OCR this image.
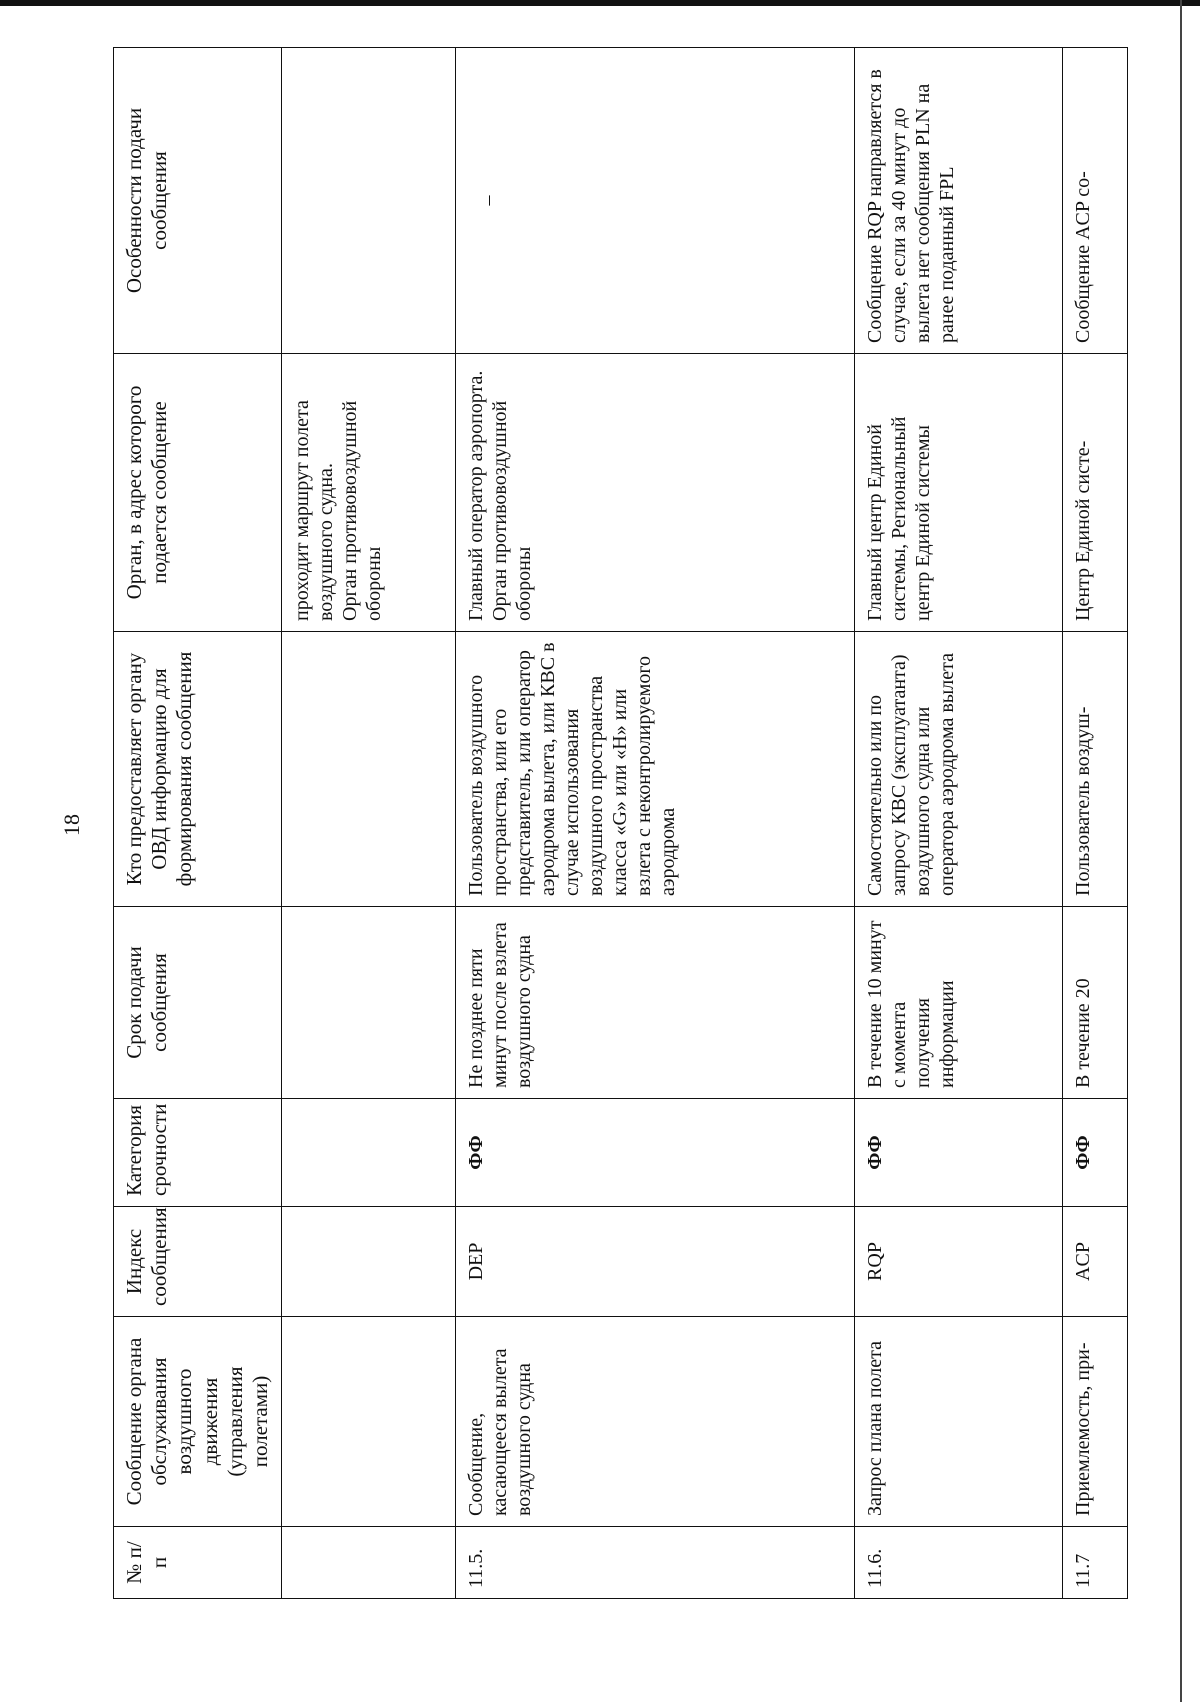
18
№ п/п	Сообщение органа обслуживания воздушного движения (управления полетами)	Индекс сообщения	Категория срочности	Срок подачи сообщения	Кто предоставляет органу ОВД информацию для формирования сообщения	Орган, в адрес которого подается сообщение	Особенности подачи сообщения

						проходит маршрут полета воздушного судна. Орган противовоздушной обороны	

11.5.	Сообщение, касающееся вылета воздушного судна	DEP	ФФ	Не позднее пяти минут после взлета воздушного судна	Пользователь воздушного пространства, или его представитель, или оператор аэродрома вылета, или КВС в случае использования воздушного пространства класса «G» или «H» или взлета с неконтролируемого аэродрома	Главный оператор аэропорта. Орган противовоздушной обороны	–
11.6.	Запрос плана полета	RQP	ФФ	В течение 10 минут с момента получения информации	Самостоятельно или по запросу КВС (эксплуатанта) воздушного судна или оператора аэродрома вылета	Главный центр Единой системы, Региональный центр Единой системы	Сообщение RQP направляется в случае, если за 40 минут до вылета нет сообщения PLN на ранее поданный FPL
11.7	Приемлемость, при-	ACP	ФФ	В течение 20	Пользователь воздуш-	Центр Единой систе-	Сообщение ACP со-
